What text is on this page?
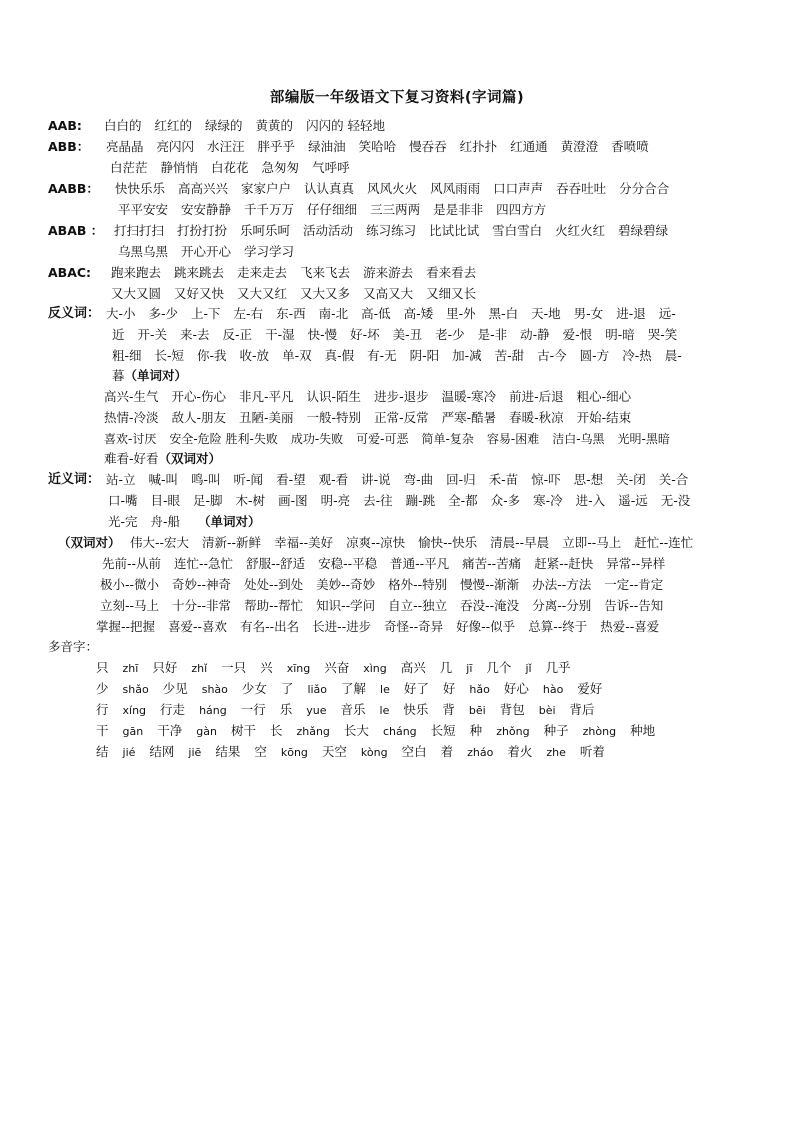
部编版一年级语文下复习资料(字词篇)
AAB: 白白的 红红的 绿绿的 黄黄的 闪闪的 轻轻地
ABB： 亮晶晶 亮闪闪 水汪汪 胖乎乎 绿油油 笑哈哈 慢吞吞 红扑扑 红通通 黄澄澄 香喷喷
白茫茫 静悄悄 白花花 急匆匆 气呼呼
AABB： 快快乐乐 高高兴兴 家家户户 认认真真 风风火火 风风雨雨 口口声声 吞吞吐吐 分分合合
平平安安 安安静静 千千万万 仔仔细细 三三两两 是是非非 四四方方
ABAB ： 打扫打扫 打扮打扮 乐呵乐呵 活动活动 练习练习 比试比试 雪白雪白 火红火红 碧绿碧绿
乌黑乌黑 开心开心 学习学习
ABAC: 跑来跑去 跳来跳去 走来走去 飞来飞去 游来游去 看来看去
又大又圆 又好又快 又大又红 又大又多 又高又大 又细又长
反义词： 大-小 多-少 上-下 左-右 东-西 南-北 高-低 高-矮 里-外 黑-白 天-地 男-女 进-退 远-
近 开-关 来-去 反-正 干-湿 快-慢 好-坏 美-丑 老-少 是-非 动-静 爱-恨 明-暗 哭-笑
粗-细 长-短 你-我 收-放 单-双 真-假 有-无 阴-阳 加-减 苦-甜 古-今 圆-方 冷-热 晨-
暮（单词对）
高兴-生气 开心-伤心 非凡-平凡 认识-陌生 进步-退步 温暖-寒冷 前进-后退 粗心-细心
热情-冷淡 敌人-朋友 丑陋-美丽 一般-特别 正常-反常 严寒-酷暑 春暖-秋凉 开始-结束
喜欢-讨厌 安全-危险 胜利-失败 成功-失败 可爱-可恶 简单-复杂 容易-困难 洁白-乌黑 光明-黑暗
难看-好看（双词对）
近义词： 站-立 喊-叫 鸣-叫 听-闻 看-望 观-看 讲-说 弯-曲 回-归 禾-苗 惊-吓 思-想 关-闭 关-合
口-嘴 目-眼 足-脚 木-树 画-图 明-亮 去-往 蹦-跳 全-都 众-多 寒-冷 进-入 遥-远 无-没
光-完 舟-船 （单词对）
（双词对） 伟大--宏大 清新--新鲜 幸福--美好 凉爽--凉快 愉快--快乐 清晨--早晨 立即--马上 赶忙--连忙
先前--从前 连忙--急忙 舒服--舒适 安稳--平稳 普通--平凡 痛苦--苦痛 赶紧--赶快 异常--异样
极小--微小 奇妙--神奇 处处--到处 美妙--奇妙 格外--特别 慢慢--渐渐 办法--方法 一定--肯定
立刻--马上 十分--非常 帮助--帮忙 知识--学问 自立--独立 吞没--淹没 分离--分别 告诉--告知
掌握--把握 喜爱--喜欢 有名--出名 长进--进步 奇怪--奇异 好像--似乎 总算--终于 热爱--喜爱
多音字：
只 zhī 只好 zhǐ 一只 兴 xīng 兴奋 xìng 高兴 几 jī 几个 jǐ 几乎
少 shǎo 少见 shào 少女 了 liǎo 了解 le 好了 好 hǎo 好心 hào 爱好
行 xíng 行走 háng 一行 乐 yue 音乐 le 快乐 背 bēi 背包 bèi 背后
干 gān 干净 gàn 树干 长 zhǎng 长大 cháng 长短 种 zhǒng 种子 zhòng 种地
结 jié 结网 jiē 结果 空 kōng 天空 kòng 空白 着 zháo 着火 zhe 听着
